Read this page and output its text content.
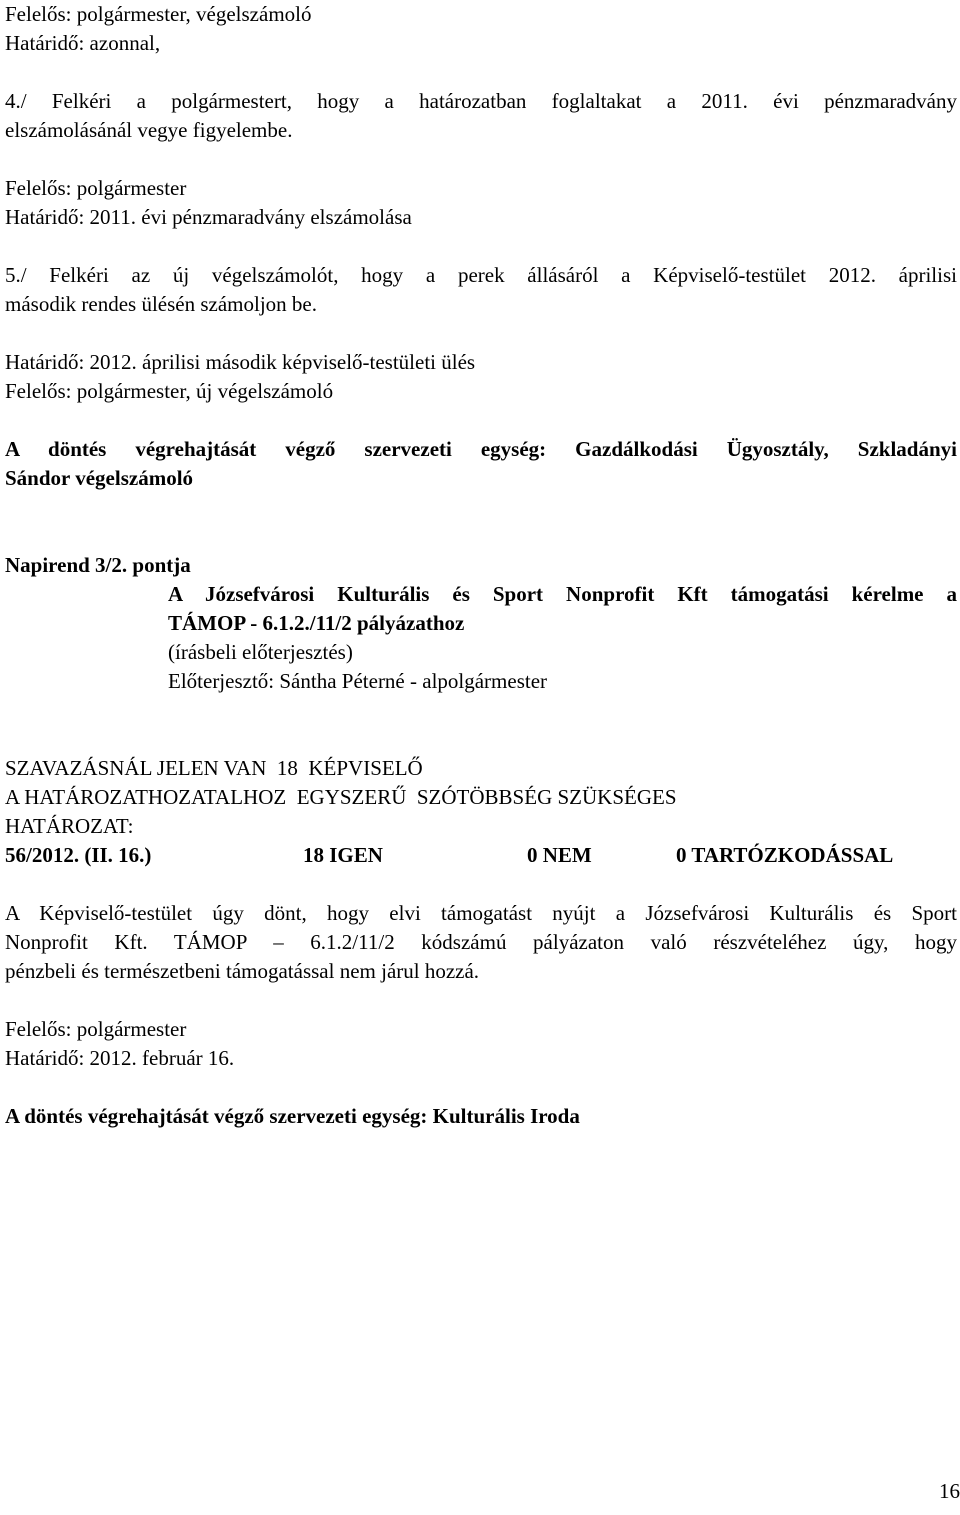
Felelős: polgármester, végelszámoló
Határidő: azonnal,
4./ Felkéri a polgármestert, hogy a határozatban foglaltakat a 2011. évi pénzmaradvány
elszámolásánál vegye figyelembe.
Felelős: polgármester
Határidő: 2011. évi pénzmaradvány elszámolása
5./ Felkéri az új végelszámolót, hogy a perek állásáról a Képviselő-testület 2012. áprilisi
második rendes ülésén számoljon be.
Határidő: 2012. áprilisi második képviselő-testületi ülés
Felelős: polgármester, új végelszámoló
A döntés végrehajtását végző szervezeti egység: Gazdálkodási Ügyosztály, Szkladányi
Sándor végelszámoló
Napirend 3/2. pontja
A Józsefvárosi Kulturális és Sport Nonprofit Kft támogatási kérelme a
TÁMOP - 6.1.2./11/2 pályázathoz
(írásbeli előterjesztés)
Előterjesztő: Sántha Péterné - alpolgármester
SZAVAZÁSNÁL JELEN VAN  18  KÉPVISELŐ
A HATÁROZATHOZATALHOZ  EGYSZERŰ  SZÓTÖBBSÉG SZÜKSÉGES
HATÁROZAT:
56/2012. (II. 16.)	18 IGEN	0 NEM	0 TARTÓZKODÁSSAL
A Képviselő-testület úgy dönt, hogy elvi támogatást nyújt a Józsefvárosi Kulturális és Sport
Nonprofit Kft. TÁMOP – 6.1.2/11/2 kódszámú pályázaton való részvételéhez úgy, hogy
pénzbeli és természetbeni támogatással nem járul hozzá.
Felelős: polgármester
Határidő: 2012. február 16.
A döntés végrehajtását végző szervezeti egység: Kulturális Iroda
16
